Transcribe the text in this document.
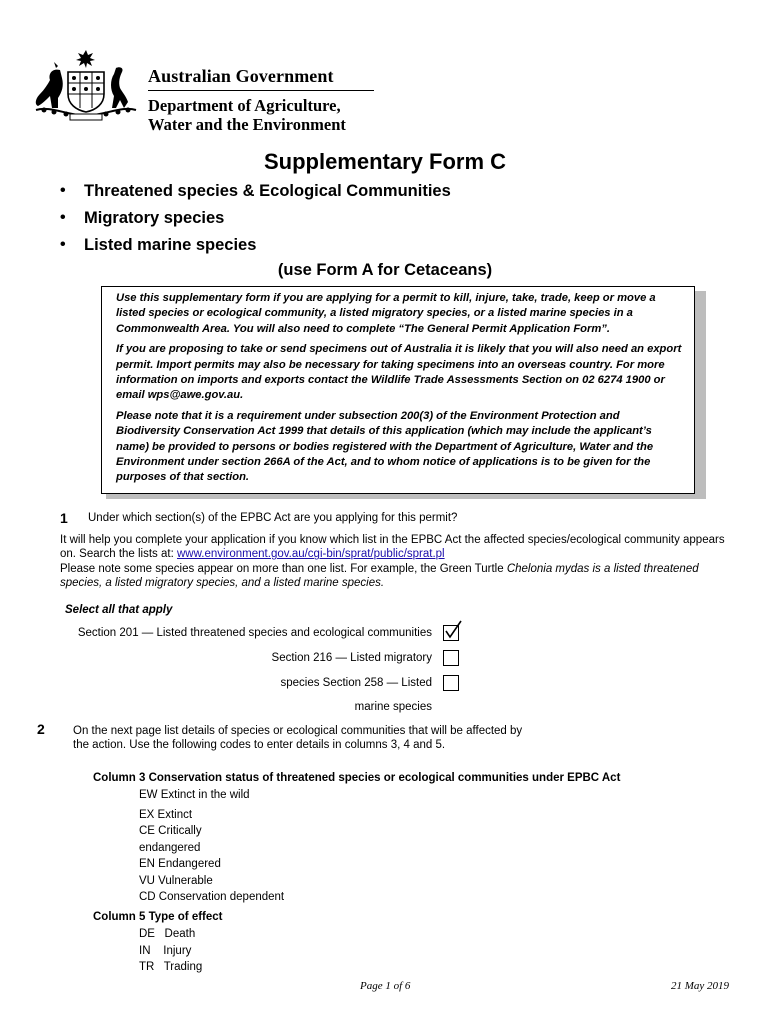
Australian Government
Department of Agriculture,
Water and the Environment
Supplementary Form C
• Threatened species & Ecological Communities
• Migratory species
• Listed marine species
(use Form A for Cetaceans)

Use this supplementary form if you are applying for a permit to kill, injure, take, trade, keep or move a listed species or ecological community, a listed migratory species, or a listed marine species in a Commonwealth Area. You will also need to complete “The General Permit Application Form”.

If you are proposing to take or send specimens out of Australia it is likely that you will also need an export permit. Import permits may also be necessary for taking specimens into an overseas country. For more information on imports and exports contact the Wildlife Trade Assessments Section on 02 6274 1900 or email wps@awe.gov.au.

Please note that it is a requirement under subsection 200(3) of the Environment Protection and Biodiversity Conservation Act 1999 that details of this application (which may include the applicant’s name) be provided to persons or bodies registered with the Department of Agriculture, Water and the Environment under section 266A of the Act, and to whom notice of applications is to be given for the purposes of that section.

1 Under which section(s) of the EPBC Act are you applying for this permit?
It will help you complete your application if you know which list in the EPBC Act the affected species/ecological community appears on. Search the lists at: www.environment.gov.au/cgi-bin/sprat/public/sprat.pl
Please note some species appear on more than one list. For example, the Green Turtle Chelonia mydas is a listed threatened species, a listed migratory species, and a listed marine species.
Select all that apply
Section 201 — Listed threatened species and ecological communities
Section 216 — Listed migratory
species Section 258 — Listed
marine species
2 On the next page list details of species or ecological communities that will be affected by the action. Use the following codes to enter details in columns 3, 4 and 5.
Column 3 Conservation status of threatened species or ecological communities under EPBC Act
EW Extinct in the wild
EX Extinct
CE Critically
endangered
EN Endangered
VU Vulnerable
CD Conservation dependent
Column 5 Type of effect
DE   Death
IN    Injury
TR   Trading
Page 1 of 6	21 May 2019
